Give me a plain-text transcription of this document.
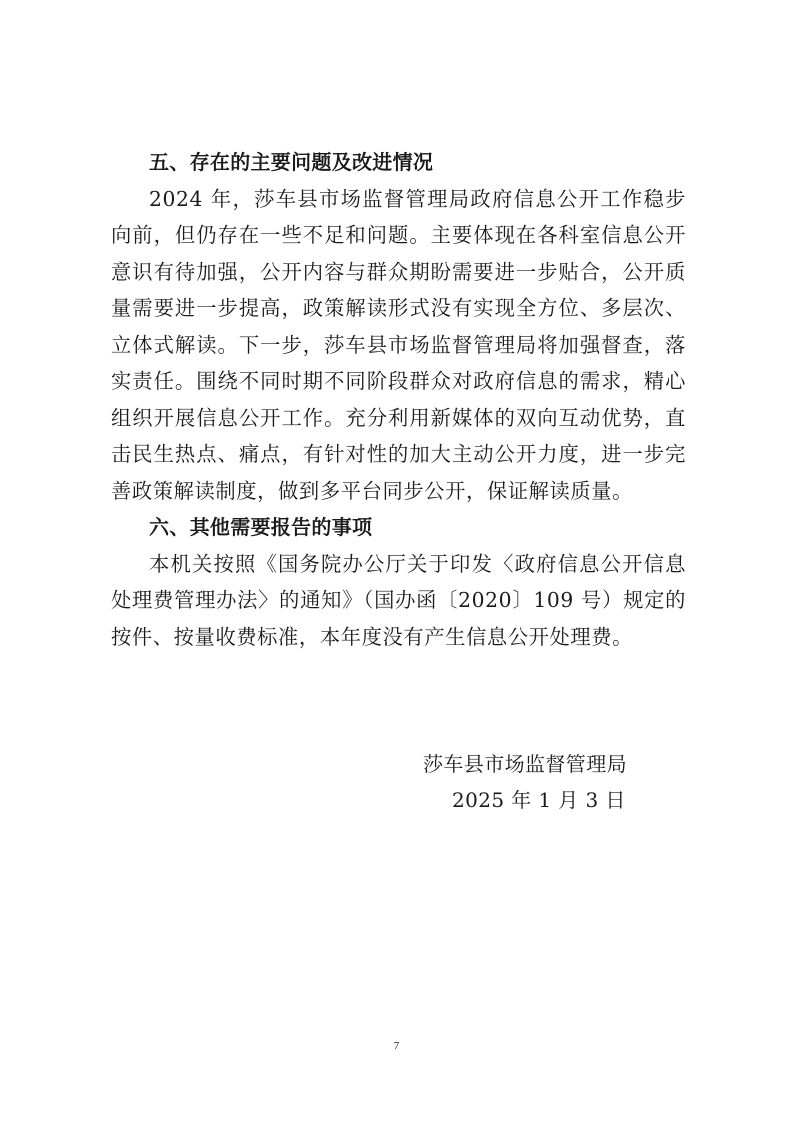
五、存在的主要问题及改进情况

2024 年，莎车县市场监督管理局政府信息公开工作稳步向前，但仍存在一些不足和问题。主要体现在各科室信息公开意识有待加强，公开内容与群众期盼需要进一步贴合，公开质量需要进一步提高，政策解读形式没有实现全方位、多层次、立体式解读。下一步，莎车县市场监督管理局将加强督查，落实责任。围绕不同时期不同阶段群众对政府信息的需求，精心组织开展信息公开工作。充分利用新媒体的双向互动优势，直击民生热点、痛点，有针对性的加大主动公开力度，进一步完善政策解读制度，做到多平台同步公开，保证解读质量。

六、其他需要报告的事项

本机关按照《国务院办公厅关于印发〈政府信息公开信息处理费管理办法〉的通知》（国办函〔2020〕109 号）规定的按件、按量收费标准，本年度没有产生信息公开处理费。

莎车县市场监督管理局
2025 年 1 月 3 日
7
